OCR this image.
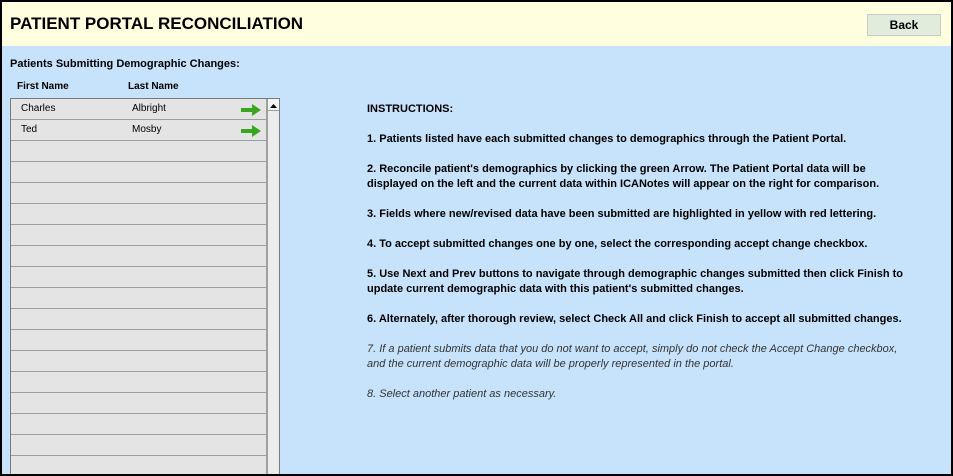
PATIENT PORTAL RECONCILIATION	Back
Patients Submitting Demographic Changes:
First Name	Last Name
Charles	Albright
Ted	Mosby

INSTRUCTIONS:

1. Patients listed have each submitted changes to demographics through the Patient Portal.

2. Reconcile patient's demographics by clicking the green Arrow. The Patient Portal data will be displayed on the left and the current data within ICANotes will appear on the right for comparison.

3. Fields where new/revised data have been submitted are highlighted in yellow with red lettering.

4. To accept submitted changes one by one, select the corresponding accept change checkbox.

5. Use Next and Prev buttons to navigate through demographic changes submitted then click Finish to update current demographic data with this patient's submitted changes.

6. Alternately, after thorough review, select Check All and click Finish to accept all submitted changes.

7. If a patient submits data that you do not want to accept, simply do not check the Accept Change checkbox, and the current demographic data will be properly represented in the portal.

8. Select another patient as necessary.
